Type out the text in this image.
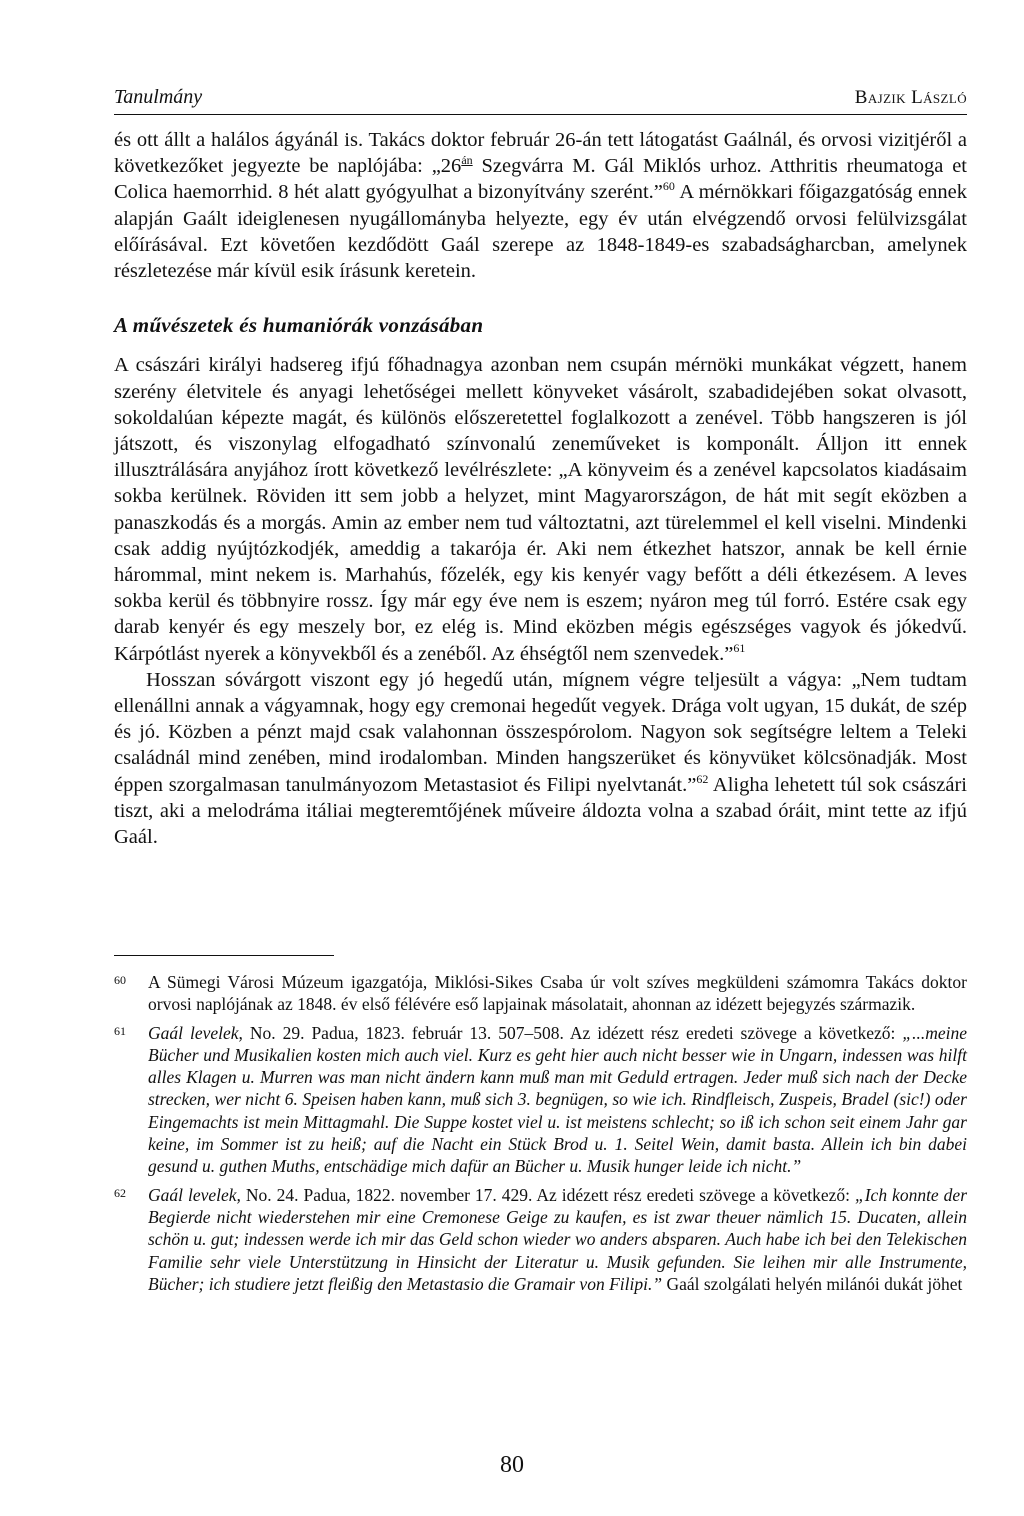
Tanulmány	Bajzik László

és ott állt a halálos ágyánál is. Takács doktor február 26-án tett látogatást Gaálnál, és orvosi vizitjéről a következőket jegyezte be naplójába: $„26^{án}$ Szegvárra M. Gál Miklós urhoz. Atthritis rheumatoga et Colica haemorrhid. 8 hét alatt gyógyulhat a bizonyítvány szerént.”$^{60}$ A mérnökkari főigazgatóság ennek alapján Gaált ideiglenesen nyugállományba helyezte, egy év után elvégzendő orvosi felülvizsgálat előírásával. Ezt követően kezdődött Gaál szerepe az 1848-1849-es szabadságharcban, amelynek részletezése már kívül esik írásunk keretein.

A művészetek és humaniórák vonzásában

A császári királyi hadsereg ifjú főhadnagya azonban nem csupán mérnöki munkákat végzett, hanem szerény életvitele és anyagi lehetőségei mellett könyveket vásárolt, szabadidejében sokat olvasott, sokoldalúan képezte magát, és különös előszeretettel foglalkozott a zenével. Több hangszeren is jól játszott, és viszonylag elfogadható színvonalú zeneműveket is komponált. Álljon itt ennek illusztrálására anyjához írott következő levélrészlete: „A könyveim és a zenével kapcsolatos kiadásaim sokba kerülnek. Röviden itt sem jobb a helyzet, mint Magyarországon, de hát mit segít eközben a panaszkodás és a morgás. Amin az ember nem tud változtatni, azt türelemmel el kell viselni. Mindenki csak addig nyújtózkodjék, ameddig a takarója ér. Aki nem étkezhet hatszor, annak be kell érnie hárommal, mint nekem is. Marhahús, főzelék, egy kis kenyér vagy befőtt a déli étkezésem. A leves sokba kerül és többnyire rossz. Így már egy éve nem is eszem; nyáron meg túl forró. Estére csak egy darab kenyér és egy meszely bor, ez elég is. Mind eközben mégis egészséges vagyok és jókedvű. Kárpótlást nyerek a könyvekből és a zenéből. Az éhségtől nem szenvedek.”$^{61}$

Hosszan sóvárgott viszont egy jó hegedű után, mígnem végre teljesült a vágya: „Nem tudtam ellenállni annak a vágyamnak, hogy egy cremonai hegedűt vegyek. Drága volt ugyan, 15 dukát, de szép és jó. Közben a pénzt majd csak valahonnan összespórolom. Nagyon sok segítségre leltem a Teleki családnál mind zenében, mind irodalomban. Minden hangszerüket és könyvüket kölcsönadják. Most éppen szorgalmasan tanulmányozom Metastasiot és Filipi nyelvtanát.”$^{62}$ Aligha lehetett túl sok császári tiszt, aki a melodráma itáliai megteremtőjének műveire áldozta volna a szabad óráit, mint tette az ifjú Gaál.

60 A Sümegi Városi Múzeum igazgatója, Miklósi-Sikes Csaba úr volt szíves megküldeni számomra Takács doktor orvosi naplójának az 1848. év első félévére eső lapjainak másolatait, ahonnan az idézett bejegyzés származik.
61 Gaál levelek, No. 29. Padua, 1823. február 13. 507–508. Az idézett rész eredeti szövege a következő: „...meine Bücher und Musikalien kosten mich auch viel. Kurz es geht hier auch nicht besser wie in Ungarn, indessen was hilft alles Klagen u. Murren was man nicht ändern kann muß man mit Geduld ertragen. Jeder muß sich nach der Decke strecken, wer nicht 6. Speisen haben kann, muß sich 3. begnügen, so wie ich. Rindfleisch, Zuspeis, Bradel (sic!) oder Eingemachts ist mein Mittagmahl. Die Suppe kostet viel u. ist meistens schlecht; so iß ich schon seit einem Jahr gar keine, im Sommer ist zu heiß; auf die Nacht ein Stück Brod u. 1. Seitel Wein, damit basta. Allein ich bin dabei gesund u. guthen Muths, entschädige mich dafür an Bücher u. Musik hunger leide ich nicht.”
62 Gaál levelek, No. 24. Padua, 1822. november 17. 429. Az idézett rész eredeti szövege a következő: „Ich konnte der Begierde nicht wiederstehen mir eine Cremonese Geige zu kaufen, es ist zwar theuer nämlich 15. Ducaten, allein schön u. gut; indessen werde ich mir das Geld schon wieder wo anders absparen. Auch habe ich bei den Telekischen Familie sehr viele Unterstützung in Hinsicht der Literatur u. Musik gefunden. Sie leihen mir alle Instrumente, Bücher; ich studiere jetzt fleißig den Metastasio die Gramair von Filipi.” Gaál szolgálati helyén milánói dukát jöhet
80
